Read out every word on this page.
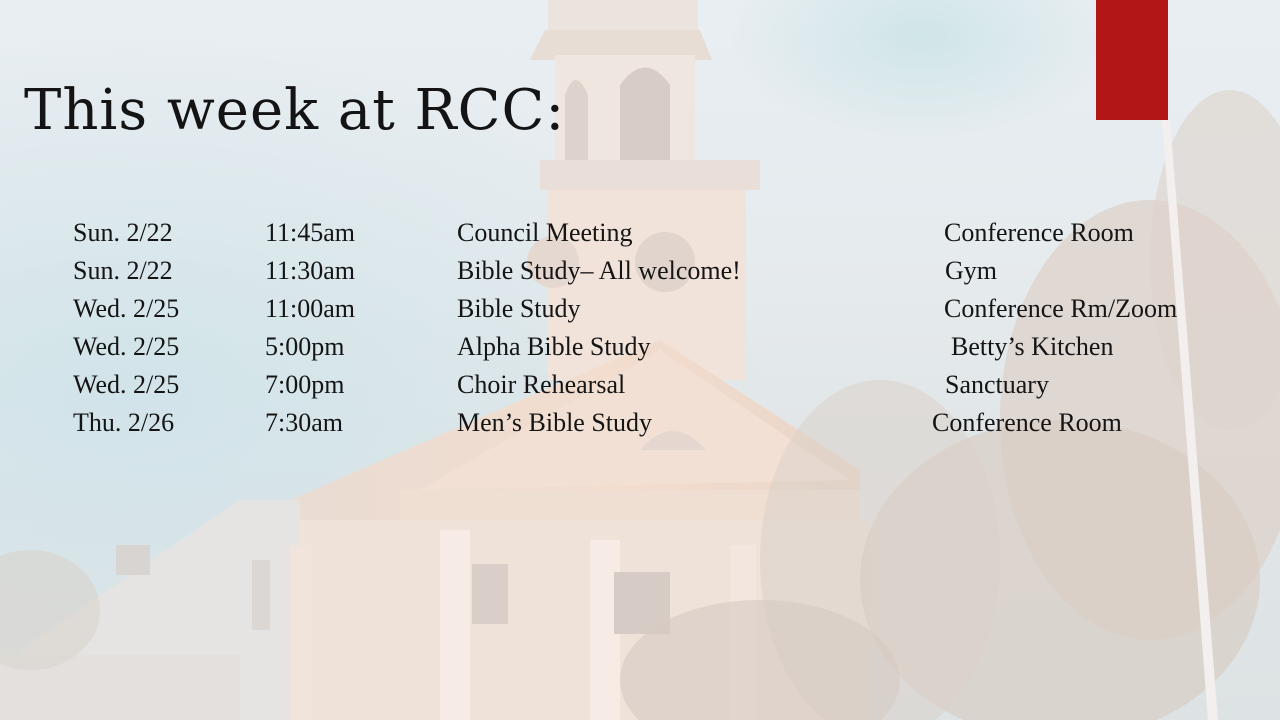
This week at RCC:
Sun. 2/22	11:45am	Council Meeting	Conference Room
Sun. 2/22	11:30am	Bible Study– All welcome!	Gym
Wed. 2/25	11:00am	Bible Study	Conference Rm/Zoom
Wed. 2/25	5:00pm	Alpha Bible Study	Betty’s Kitchen
Wed. 2/25	7:00pm	Choir Rehearsal	Sanctuary
Thu. 2/26	7:30am	Men’s Bible Study	Conference Room
